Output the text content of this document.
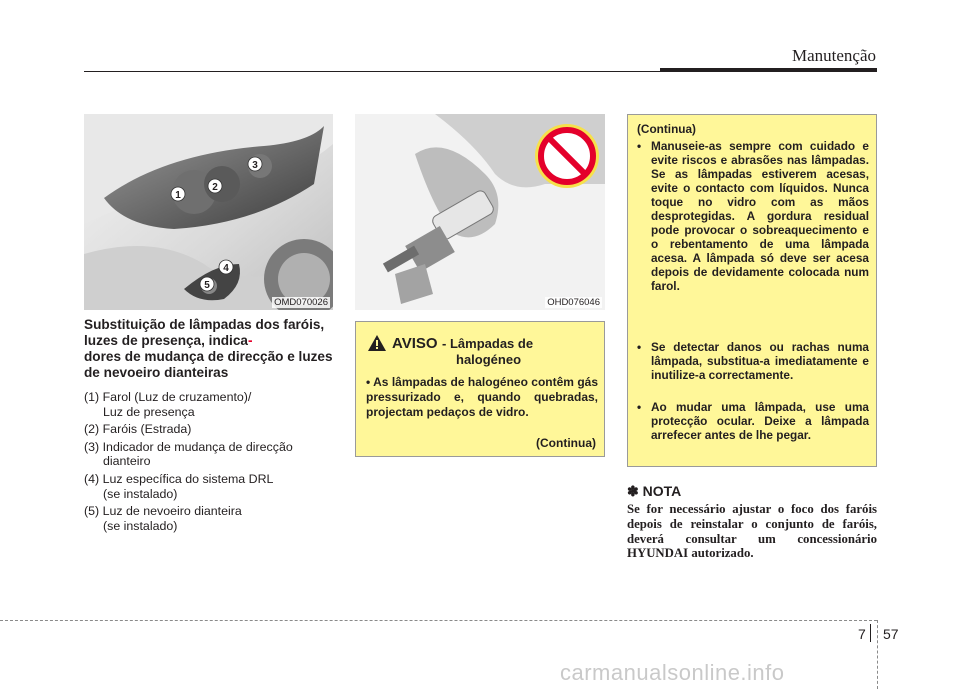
Manutenção
1
2
3
4
5
OMD070026	OHD076046
Substituição de lâmpadas dos faróis, luzes de presença, indica-
dores de mudança de direcção e luzes de nevoeiro dianteiras
(1) Farol (Luz de cruzamento)/
Luz de presença
(2) Faróis (Estrada)
(3) Indicador de mudança de direcção
dianteiro
(4) Luz específica do sistema DRL
(se instalado)
(5) Luz de nevoeiro dianteira
(se instalado)
AVISO - Lâmpadas de
halogéneo
• As lâmpadas de halogéneo contêm gás pressurizado e, quando quebradas, projectam pedaços de vidro.
(Continua)
(Continua)
• Manuseie-as sempre com cuidado e evite riscos e abrasões nas lâmpadas. Se as lâmpadas estiverem acesas, evite o contacto com líquidos. Nunca toque no vidro com as mãos desprotegidas. A gordura residual pode provocar o sobreaquecimento e o rebentamento de uma lâmpada acesa. A lâmpada só deve ser acesa depois de devidamente colocada num farol.
• Se detectar danos ou rachas numa lâmpada, substitua-a imediatamente e inutilize-a correctamente.
• Ao mudar uma lâmpada, use uma protecção ocular. Deixe a lâmpada arrefecer antes de lhe pegar.
✽ NOTA
Se for necessário ajustar o foco dos faróis depois de reinstalar o conjunto de faróis, deverá consultar um concessionário HYUNDAI autorizado.
7 57
carmanualsonline.info
